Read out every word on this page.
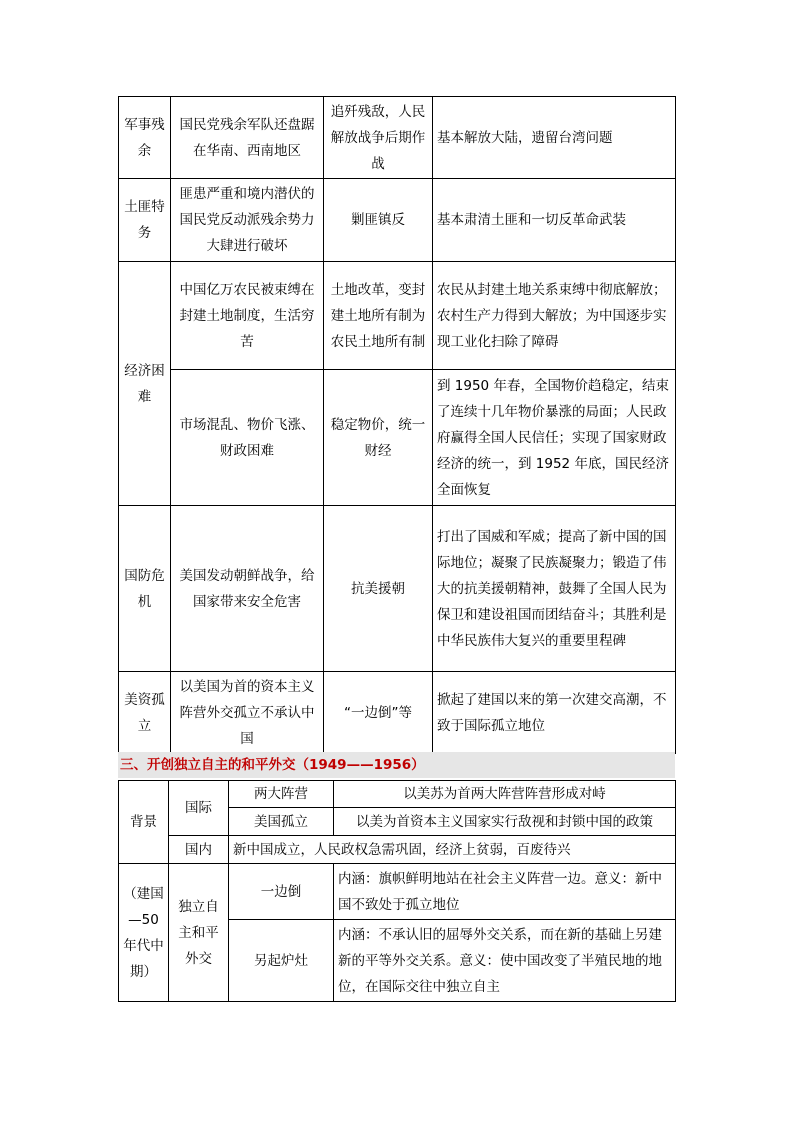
军事残余	国民党残余军队还盘踞在华南、西南地区	追歼残敌，人民解放战争后期作战	基本解放大陆，遗留台湾问题
土匪特务	匪患严重和境内潜伏的国民党反动派残余势力大肆进行破坏	剿匪镇反	基本肃清土匪和一切反革命武装
经济困难	中国亿万农民被束缚在封建土地制度，生活穷苦	土地改革，变封建土地所有制为农民土地所有制	农民从封建土地关系束缚中彻底解放；农村生产力得到大解放；为中国逐步实现工业化扫除了障碍
	市场混乱、物价飞涨、财政困难	稳定物价，统一财经	到 1950 年春，全国物价趋稳定，结束了连续十几年物价暴涨的局面；人民政府赢得全国人民信任；实现了国家财政经济的统一，到 1952 年底，国民经济全面恢复
国防危机	美国发动朝鲜战争，给国家带来安全危害	抗美援朝	打出了国威和军威；提高了新中国的国际地位；凝聚了民族凝聚力；锻造了伟大的抗美援朝精神，鼓舞了全国人民为保卫和建设祖国而团结奋斗；其胜利是中华民族伟大复兴的重要里程碑
美资孤立	以美国为首的资本主义阵营外交孤立不承认中国	“一边倒”等	掀起了建国以来的第一次建交高潮，不致于国际孤立地位
三、开创独立自主的和平外交（1949——1956）
背景	国际	两大阵营	以美苏为首两大阵营阵营形成对峙
		美国孤立	以美为首资本主义国家实行敌视和封锁中国的政策
	国内	新中国成立，人民政权急需巩固，经济上贫弱，百废待兴	
（建国—50年代中期）	独立自主和平外交	一边倒	内涵：旗帜鲜明地站在社会主义阵营一边。意义：新中国不致处于孤立地位
		另起炉灶	内涵：不承认旧的屈辱外交关系，而在新的基础上另建新的平等外交关系。意义：使中国改变了半殖民地的地位，在国际交往中独立自主
